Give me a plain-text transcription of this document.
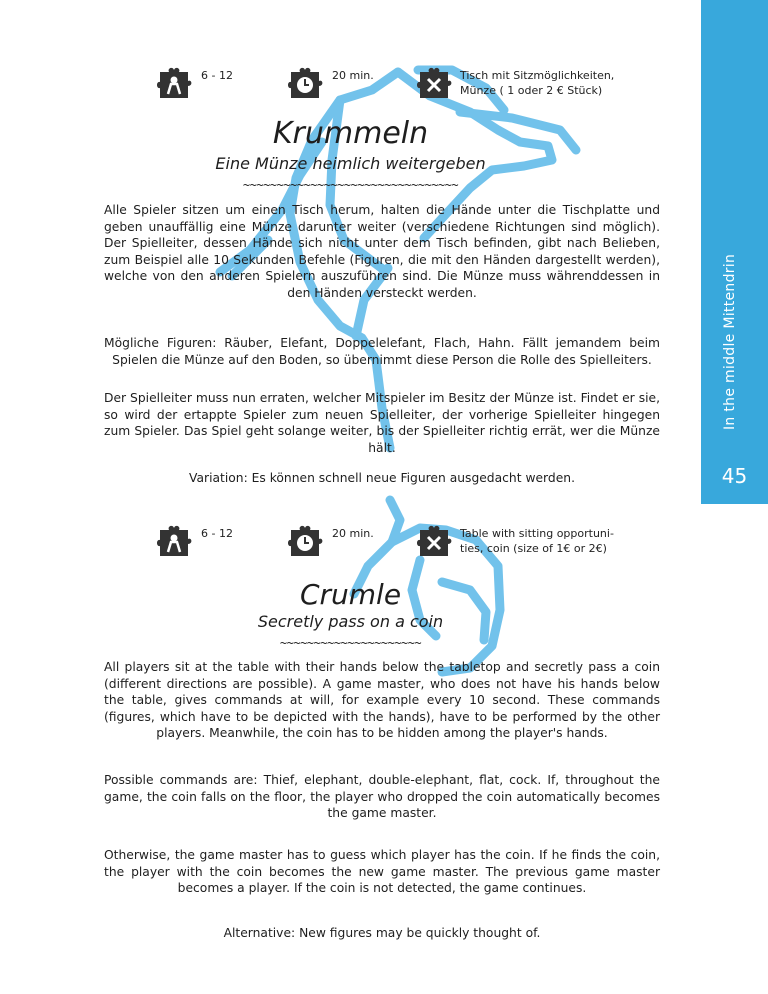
In the middle Mittendrin
45
6 - 12	20 min.	Tisch mit Sitzmöglichkeiten,
Münze ( 1 oder 2 € Stück)
Krummeln
Eine Münze heimlich weitergeben
~~~~~~~~~~~~~~~~~~~~~~~~~~~~~~~~

Alle Spieler sitzen um einen Tisch herum, halten die Hände unter die Tischplatte und geben unauffällig eine Münze darunter weiter (verschiedene Richtungen sind möglich). Der Spielleiter, dessen Hände sich nicht unter dem Tisch befinden, gibt nach Belieben, zum Beispiel alle 10 Sekunden Befehle (Figuren, die mit den Händen dargestellt werden), welche von den anderen Spielern auszuführen sind. Die Münze muss währenddessen in den Händen versteckt werden.

Mögliche Figuren: Räuber, Elefant, Doppelelefant, Flach, Hahn. Fällt jemandem beim Spielen die Münze auf den Boden, so übernimmt diese Person die Rolle des Spielleiters.

Der Spielleiter muss nun erraten, welcher Mitspieler im Besitz der Münze ist. Findet er sie, so wird der ertappte Spieler zum neuen Spielleiter, der vorherige Spielleiter hingegen zum Spieler. Das Spiel geht solange weiter, bis der Spielleiter richtig errät, wer die Münze hält.

Variation: Es können schnell neue Figuren ausgedacht werden.

6 - 12	20 min.	Table with sitting opportuni-
ties, coin (size of 1€ or 2€)
Crumle
Secretly pass on a coin
~~~~~~~~~~~~~~~~~~~~~

All players sit at the table with their hands below the tabletop and secretly pass a coin (different directions are possible). A game master, who does not have his hands below the table, gives commands at will, for example every 10 second. These commands (figures, which have to be depicted with the hands), have to be performed by the other players. Meanwhile, the coin has to be hidden among the player's hands.

Possible commands are: Thief, elephant, double-elephant, flat, cock. If, throughout the game, the coin falls on the floor, the player who dropped the coin automatically becomes the game master.

Otherwise, the game master has to guess which player has the coin. If he finds the coin, the player with the coin becomes the new game master. The previous game master becomes a player. If the coin is not detected, the game continues.

Alternative: New figures may be quickly thought of.
